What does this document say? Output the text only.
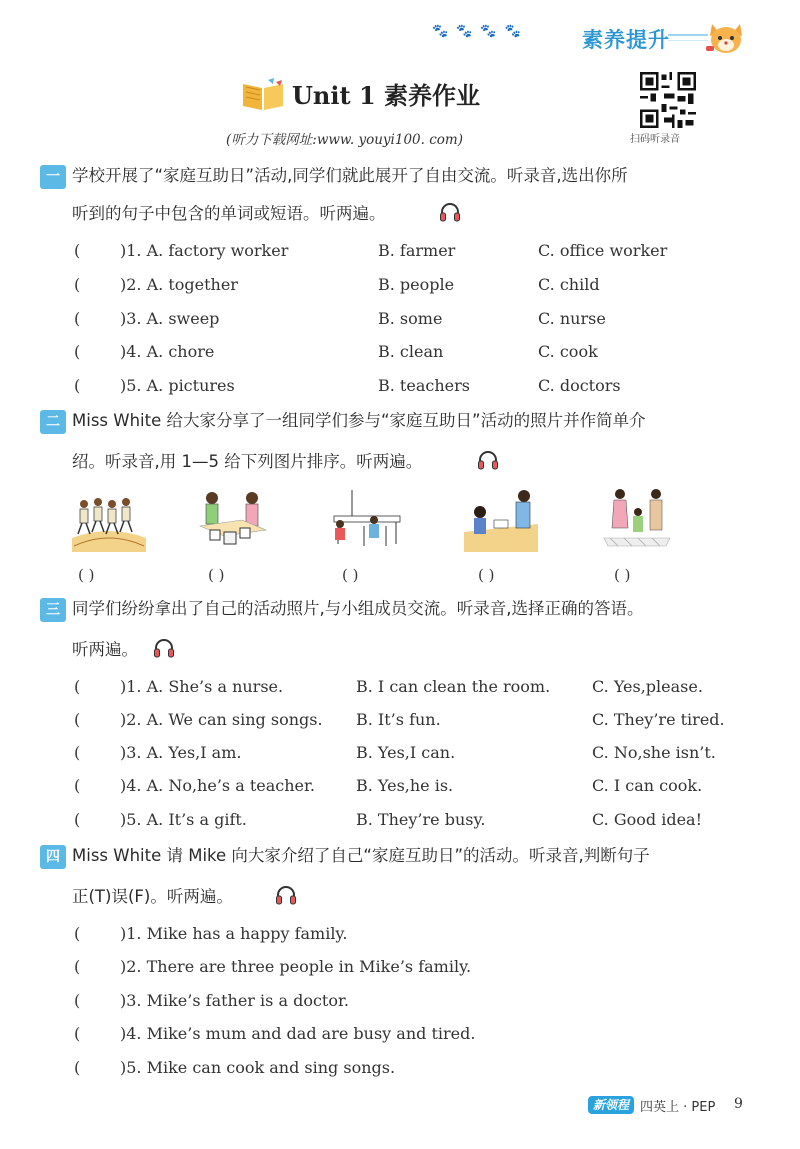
🐾🐾🐾🐾	素养提升
Unit 1 素养作业
扫码听录音
(听力下载网址:www. youyi100. com)
一 学校开展了“家庭互助日”活动,同学们就此展开了自由交流。听录音,选出你所
听到的句子中包含的单词或短语。听两遍。
( )1. A. factory worker	B. farmer	C. office worker
( )2. A. together	B. people	C. child
( )3. A. sweep	B. some	C. nurse
( )4. A. chore	B. clean	C. cook
( )5. A. pictures	B. teachers	C. doctors
二 Miss White 给大家分享了一组同学们参与“家庭互助日”活动的照片并作简单介
绍。听录音,用 1—5 给下列图片排序。听两遍。
( )	( )	( )	( )	( )
三 同学们纷纷拿出了自己的活动照片,与小组成员交流。听录音,选择正确的答语。
听两遍。
( )1. A. She’s a nurse.	B. I can clean the room.	C. Yes,please.
( )2. A. We can sing songs. B. It’s fun.	C. They’re tired.
( )3. A. Yes,I am.	B. Yes,I can.	C. No,she isn’t.
( )4. A. No,he’s a teacher.	B. Yes,he is.	C. I can cook.
( )5. A. It’s a gift.	B. They’re busy.	C. Good idea!
四 Miss White 请 Mike 向大家介绍了自己“家庭互助日”的活动。听录音,判断句子
正(T)误(F)。听两遍。
( )1. Mike has a happy family.
( )2. There are three people in Mike’s family.
( )3. Mike’s father is a doctor.
( )4. Mike’s mum and dad are busy and tired.
( )5. Mike can cook and sing songs.
新领程 四英上 · PEP 9
